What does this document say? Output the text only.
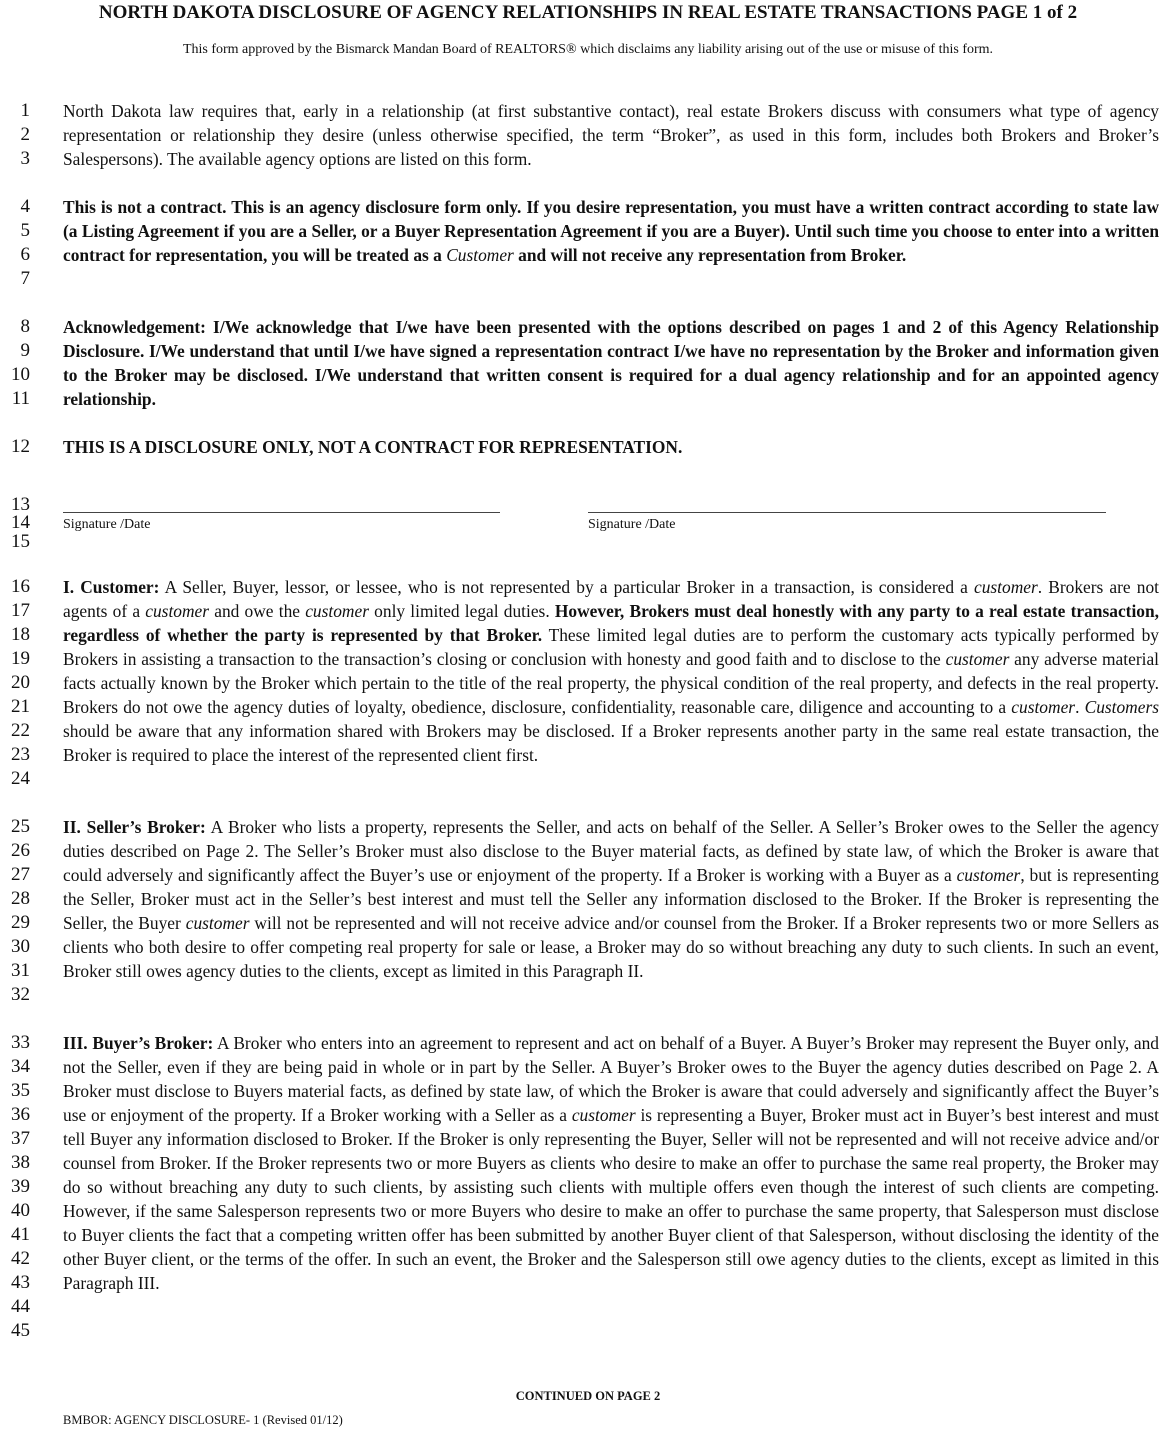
NORTH DAKOTA DISCLOSURE OF AGENCY RELATIONSHIPS IN REAL ESTATE TRANSACTIONS PAGE 1 of 2
This form approved by the Bismarck Mandan Board of REALTORS® which disclaims any liability arising out of the use or misuse of this form.
1
2
3
4
5
6
7
8
9
10
11
12
13
14
15
16
17
18
19
20
21
22
23
24
25
26
27
28
29
30
31
32
33
34
35
36
37
38
39
40
41
42
43
44
45

North Dakota law requires that, early in a relationship (at first substantive contact), real estate Brokers discuss with consumers what type of agency representation or relationship they desire (unless otherwise specified, the term “Broker”, as used in this form, includes both Brokers and Broker’s Salespersons). The available agency options are listed on this form.

This is not a contract. This is an agency disclosure form only. If you desire representation, you must have a written contract according to state law (a Listing Agreement if you are a Seller, or a Buyer Representation Agreement if you are a Buyer). Until such time you choose to enter into a written contract for representation, you will be treated as a Customer and will not receive any representation from Broker.

Acknowledgement: I/We acknowledge that I/we have been presented with the options described on pages 1 and 2 of this Agency Relationship Disclosure. I/We understand that until I/we have signed a representation contract I/we have no representation by the Broker and information given to the Broker may be disclosed. I/We understand that written consent is required for a dual agency relationship and for an appointed agency relationship.

THIS IS A DISCLOSURE ONLY, NOT A CONTRACT FOR REPRESENTATION.

Signature /Date	Signature /Date

I. Customer: A Seller, Buyer, lessor, or lessee, who is not represented by a particular Broker in a transaction, is considered a customer. Brokers are not agents of a customer and owe the customer only limited legal duties. However, Brokers must deal honestly with any party to a real estate transaction, regardless of whether the party is represented by that Broker. These limited legal duties are to perform the customary acts typically performed by Brokers in assisting a transaction to the transaction’s closing or conclusion with honesty and good faith and to disclose to the customer any adverse material facts actually known by the Broker which pertain to the title of the real property, the physical condition of the real property, and defects in the real property. Brokers do not owe the agency duties of loyalty, obedience, disclosure, confidentiality, reasonable care, diligence and accounting to a customer. Customers should be aware that any information shared with Brokers may be disclosed. If a Broker represents another party in the same real estate transaction, the Broker is required to place the interest of the represented client first.

II. Seller’s Broker: A Broker who lists a property, represents the Seller, and acts on behalf of the Seller. A Seller’s Broker owes to the Seller the agency duties described on Page 2. The Seller’s Broker must also disclose to the Buyer material facts, as defined by state law, of which the Broker is aware that could adversely and significantly affect the Buyer’s use or enjoyment of the property. If a Broker is working with a Buyer as a customer, but is representing the Seller, Broker must act in the Seller’s best interest and must tell the Seller any information disclosed to the Broker. If the Broker is representing the Seller, the Buyer customer will not be represented and will not receive advice and/or counsel from the Broker. If a Broker represents two or more Sellers as clients who both desire to offer competing real property for sale or lease, a Broker may do so without breaching any duty to such clients. In such an event, Broker still owes agency duties to the clients, except as limited in this Paragraph II.

III. Buyer’s Broker: A Broker who enters into an agreement to represent and act on behalf of a Buyer. A Buyer’s Broker may represent the Buyer only, and not the Seller, even if they are being paid in whole or in part by the Seller. A Buyer’s Broker owes to the Buyer the agency duties described on Page 2. A Broker must disclose to Buyers material facts, as defined by state law, of which the Broker is aware that could adversely and significantly affect the Buyer’s use or enjoyment of the property. If a Broker working with a Seller as a customer is representing a Buyer, Broker must act in Buyer’s best interest and must tell Buyer any information disclosed to Broker. If the Broker is only representing the Buyer, Seller will not be represented and will not receive advice and/or counsel from Broker. If the Broker represents two or more Buyers as clients who desire to make an offer to purchase the same real property, the Broker may do so without breaching any duty to such clients, by assisting such clients with multiple offers even though the interest of such clients are competing. However, if the same Salesperson represents two or more Buyers who desire to make an offer to purchase the same property, that Salesperson must disclose to Buyer clients the fact that a competing written offer has been submitted by another Buyer client of that Salesperson, without disclosing the identity of the other Buyer client, or the terms of the offer. In such an event, the Broker and the Salesperson still owe agency duties to the clients, except as limited in this Paragraph III.

CONTINUED ON PAGE 2
BMBOR: AGENCY DISCLOSURE- 1 (Revised 01/12)
